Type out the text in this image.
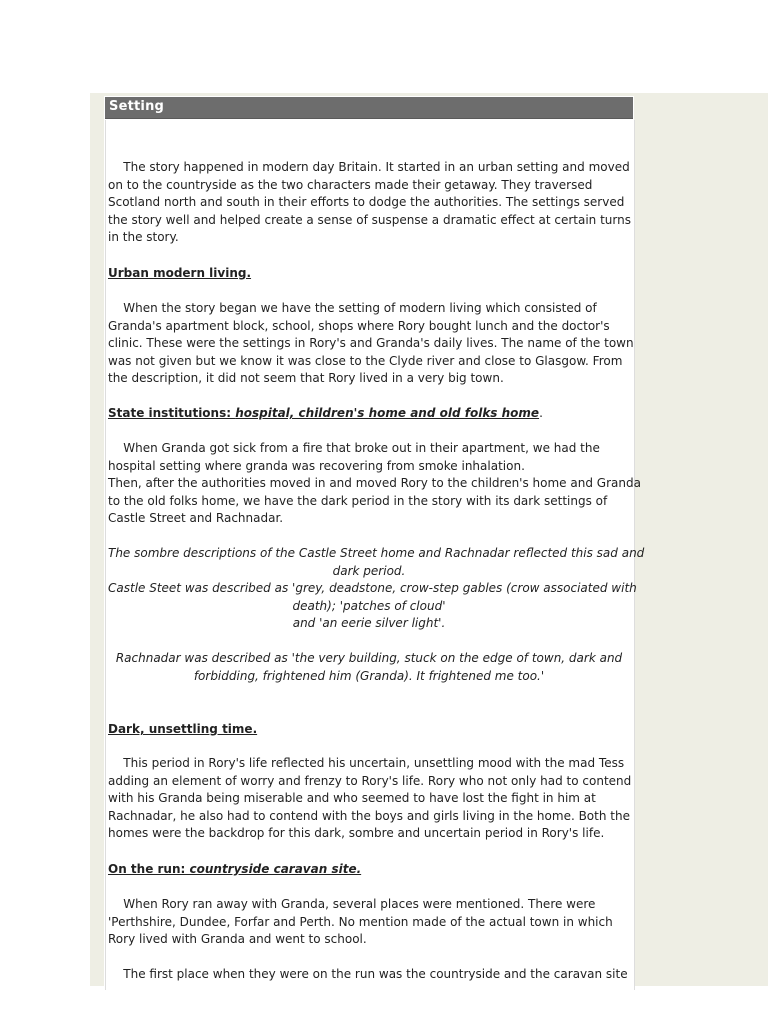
Setting

The story happened in modern day Britain. It started in an urban setting and moved
on to the countryside as the two characters made their getaway. They traversed
Scotland north and south in their efforts to dodge the authorities. The settings served
the story well and helped create a sense of suspense a dramatic effect at certain turns
in the story.

Urban modern living.

When the story began we have the setting of modern living which consisted of
Granda's apartment block, school, shops where Rory bought lunch and the doctor's
clinic. These were the settings in Rory's and Granda's daily lives. The name of the town
was not given but we know it was close to the Clyde river and close to Glasgow. From
the description, it did not seem that Rory lived in a very big town.

State institutions: hospital, children's home and old folks home.

When Granda got sick from a fire that broke out in their apartment, we had the
hospital setting where granda was recovering from smoke inhalation.
Then, after the authorities moved in and moved Rory to the children's home and Granda
to the old folks home, we have the dark period in the story with its dark settings of
Castle Street and Rachnadar.

The sombre descriptions of the Castle Street home and Rachnadar reflected this sad and
dark period.
Castle Steet was described as 'grey, deadstone, crow-step gables (crow associated with
death); 'patches of cloud'
and 'an eerie silver light'.

Rachnadar was described as 'the very building, stuck on the edge of town, dark and
forbidding, frightened him (Granda). It frightened me too.'

Dark, unsettling time.

This period in Rory's life reflected his uncertain, unsettling mood with the mad Tess
adding an element of worry and frenzy to Rory's life. Rory who not only had to contend
with his Granda being miserable and who seemed to have lost the fight in him at
Rachnadar, he also had to contend with the boys and girls living in the home. Both the
homes were the backdrop for this dark, sombre and uncertain period in Rory's life.

On the run: countryside caravan site.

When Rory ran away with Granda, several places were mentioned. There were
'Perthshire, Dundee, Forfar and Perth. No mention made of the actual town in which
Rory lived with Granda and went to school.

The first place when they were on the run was the countryside and the caravan site
